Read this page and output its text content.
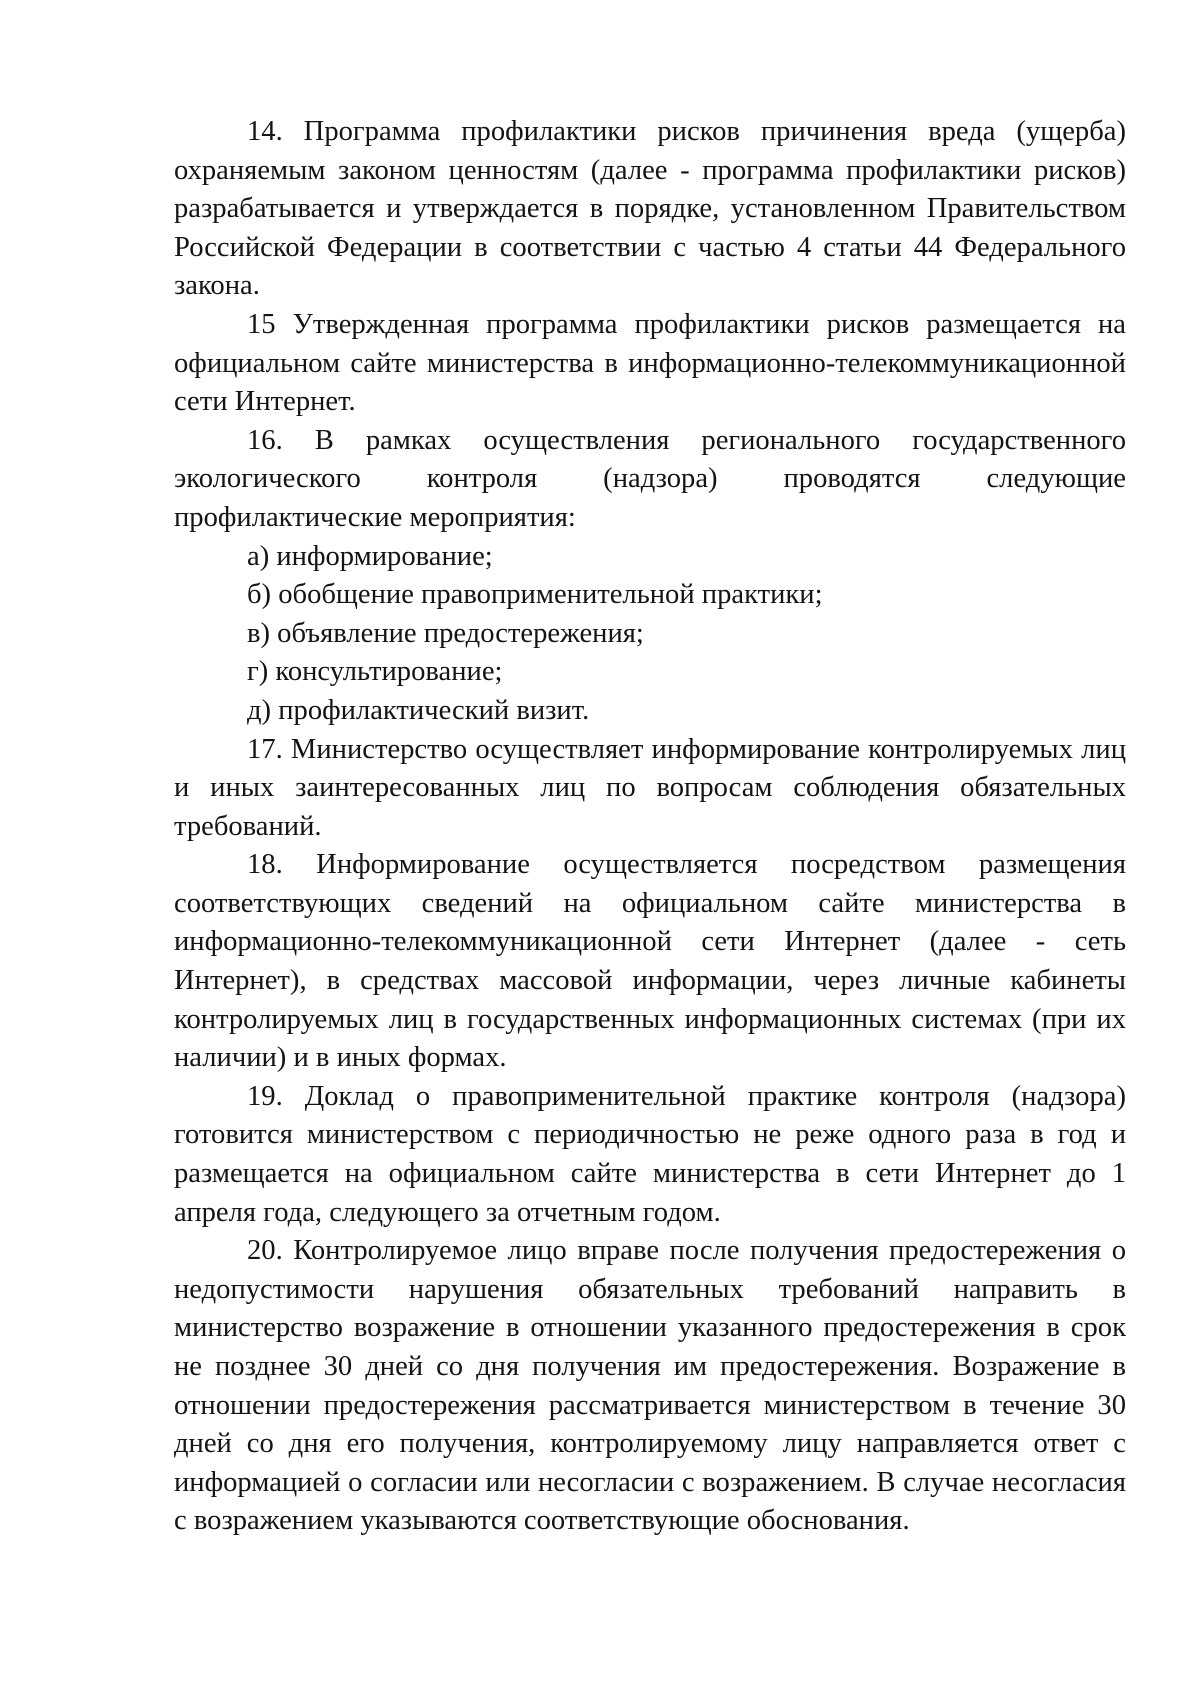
14. Программа профилактики рисков причинения вреда (ущерба) охраняемым законом ценностям (далее - программа профилактики рисков) разрабатывается и утверждается в порядке, установленном Правительством Российской Федерации в соответствии с частью 4 статьи 44 Федерального закона.

15 Утвержденная программа профилактики рисков размещается на официальном сайте министерства в информационно-телекоммуникационной сети Интернет.

16. В рамках осуществления регионального государственного экологического контроля (надзора) проводятся следующие профилактические мероприятия:

а) информирование;

б) обобщение правоприменительной практики;

в) объявление предостережения;

г) консультирование;

д) профилактический визит.

17. Министерство осуществляет информирование контролируемых лиц и иных заинтересованных лиц по вопросам соблюдения обязательных требований.

18. Информирование осуществляется посредством размещения соответствующих сведений на официальном сайте министерства в информационно-телекоммуникационной сети Интернет (далее - сеть Интернет), в средствах массовой информации, через личные кабинеты контролируемых лиц в государственных информационных системах (при их наличии) и в иных формах.

19. Доклад о правоприменительной практике контроля (надзора) готовится министерством с периодичностью не реже одного раза в год и размещается на официальном сайте министерства в сети Интернет до 1 апреля года, следующего за отчетным годом.

20. Контролируемое лицо вправе после получения предостережения о недопустимости нарушения обязательных требований направить в министерство возражение в отношении указанного предостережения в срок не позднее 30 дней со дня получения им предостережения. Возражение в отношении предостережения рассматривается министерством в течение 30 дней со дня его получения, контролируемому лицу направляется ответ с информацией о согласии или несогласии с возражением. В случае несогласия с возражением указываются соответствующие обоснования.
